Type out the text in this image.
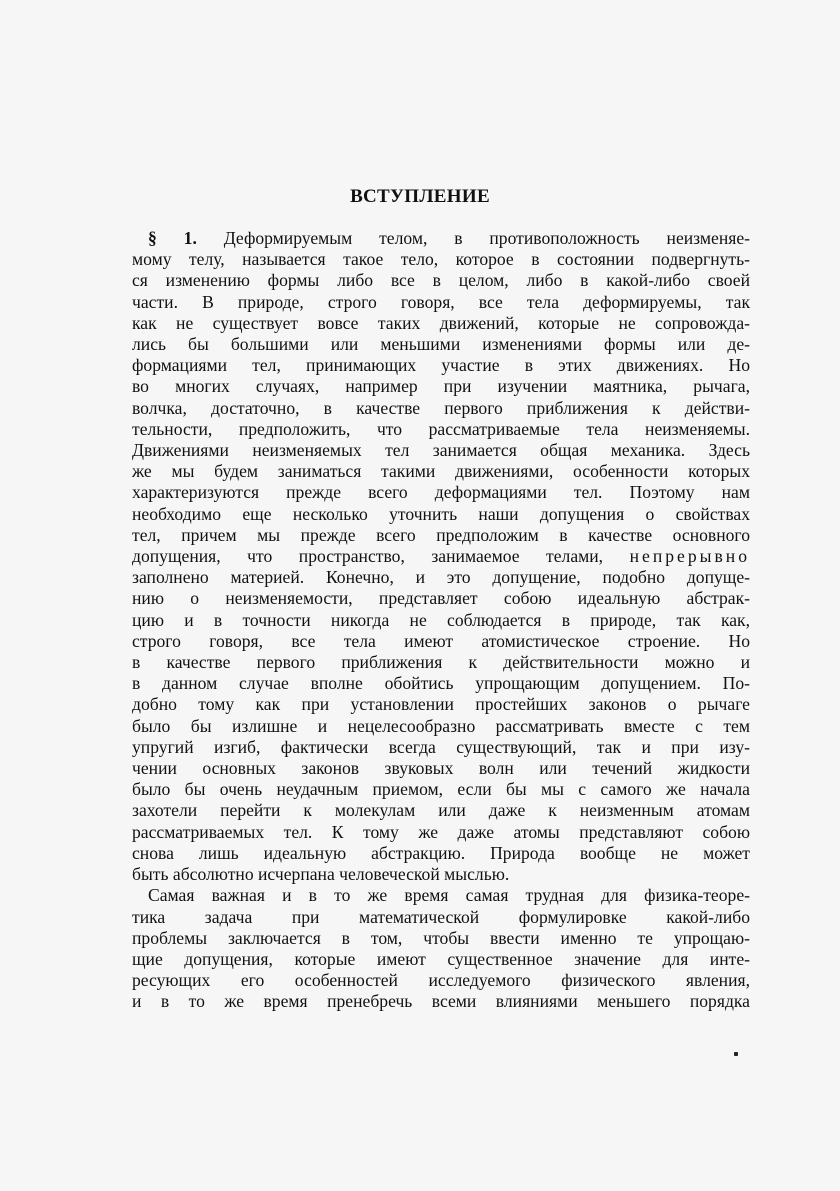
ВСТУПЛЕНИЕ
§ 1. Деформируемым телом, в противоположность неизменяе-
мому телу, называется такое тело, которое в состоянии подвергнуть-
ся изменению формы либо все в целом, либо в какой-либо своей
части. В природе, строго говоря, все тела деформируемы, так
как не существует вовсе таких движений, которые не сопровожда-
лись бы большими или меньшими изменениями формы или де-
формациями тел, принимающих участие в этих движениях. Но
во многих случаях, например при изучении маятника, рычага,
волчка, достаточно, в качестве первого приближения к действи-
тельности, предположить, что рассматриваемые тела неизменяемы.
Движениями неизменяемых тел занимается общая механика. Здесь
же мы будем заниматься такими движениями, особенности которых
характеризуются прежде всего деформациями тел. Поэтому нам
необходимо еще несколько уточнить наши допущения о свойствах
тел, причем мы прежде всего предположим в качестве основного
допущения, что пространство, занимаемое телами, непрерывно
заполнено материей. Конечно, и это допущение, подобно допуще-
нию о неизменяемости, представляет собою идеальную абстрак-
цию и в точности никогда не соблюдается в природе, так как,
строго говоря, все тела имеют атомистическое строение. Но
в качестве первого приближения к действительности можно и
в данном случае вполне обойтись упрощающим допущением. По-
добно тому как при установлении простейших законов о рычаге
было бы излишне и нецелесообразно рассматривать вместе с тем
упругий изгиб, фактически всегда существующий, так и при изу-
чении основных законов звуковых волн или течений жидкости
было бы очень неудачным приемом, если бы мы с самого же начала
захотели перейти к молекулам или даже к неизменным атомам
рассматриваемых тел. К тому же даже атомы представляют собою
снова лишь идеальную абстракцию. Природа вообще не может
быть абсолютно исчерпана человеческой мыслью.
Самая важная и в то же время самая трудная для физика-теоре-
тика задача при математической формулировке какой-либо
проблемы заключается в том, чтобы ввести именно те упрощаю-
щие допущения, которые имеют существенное значение для инте-
ресующих его особенностей исследуемого физического явления,
и в то же время пренебречь всеми влияниями меньшего порядка
